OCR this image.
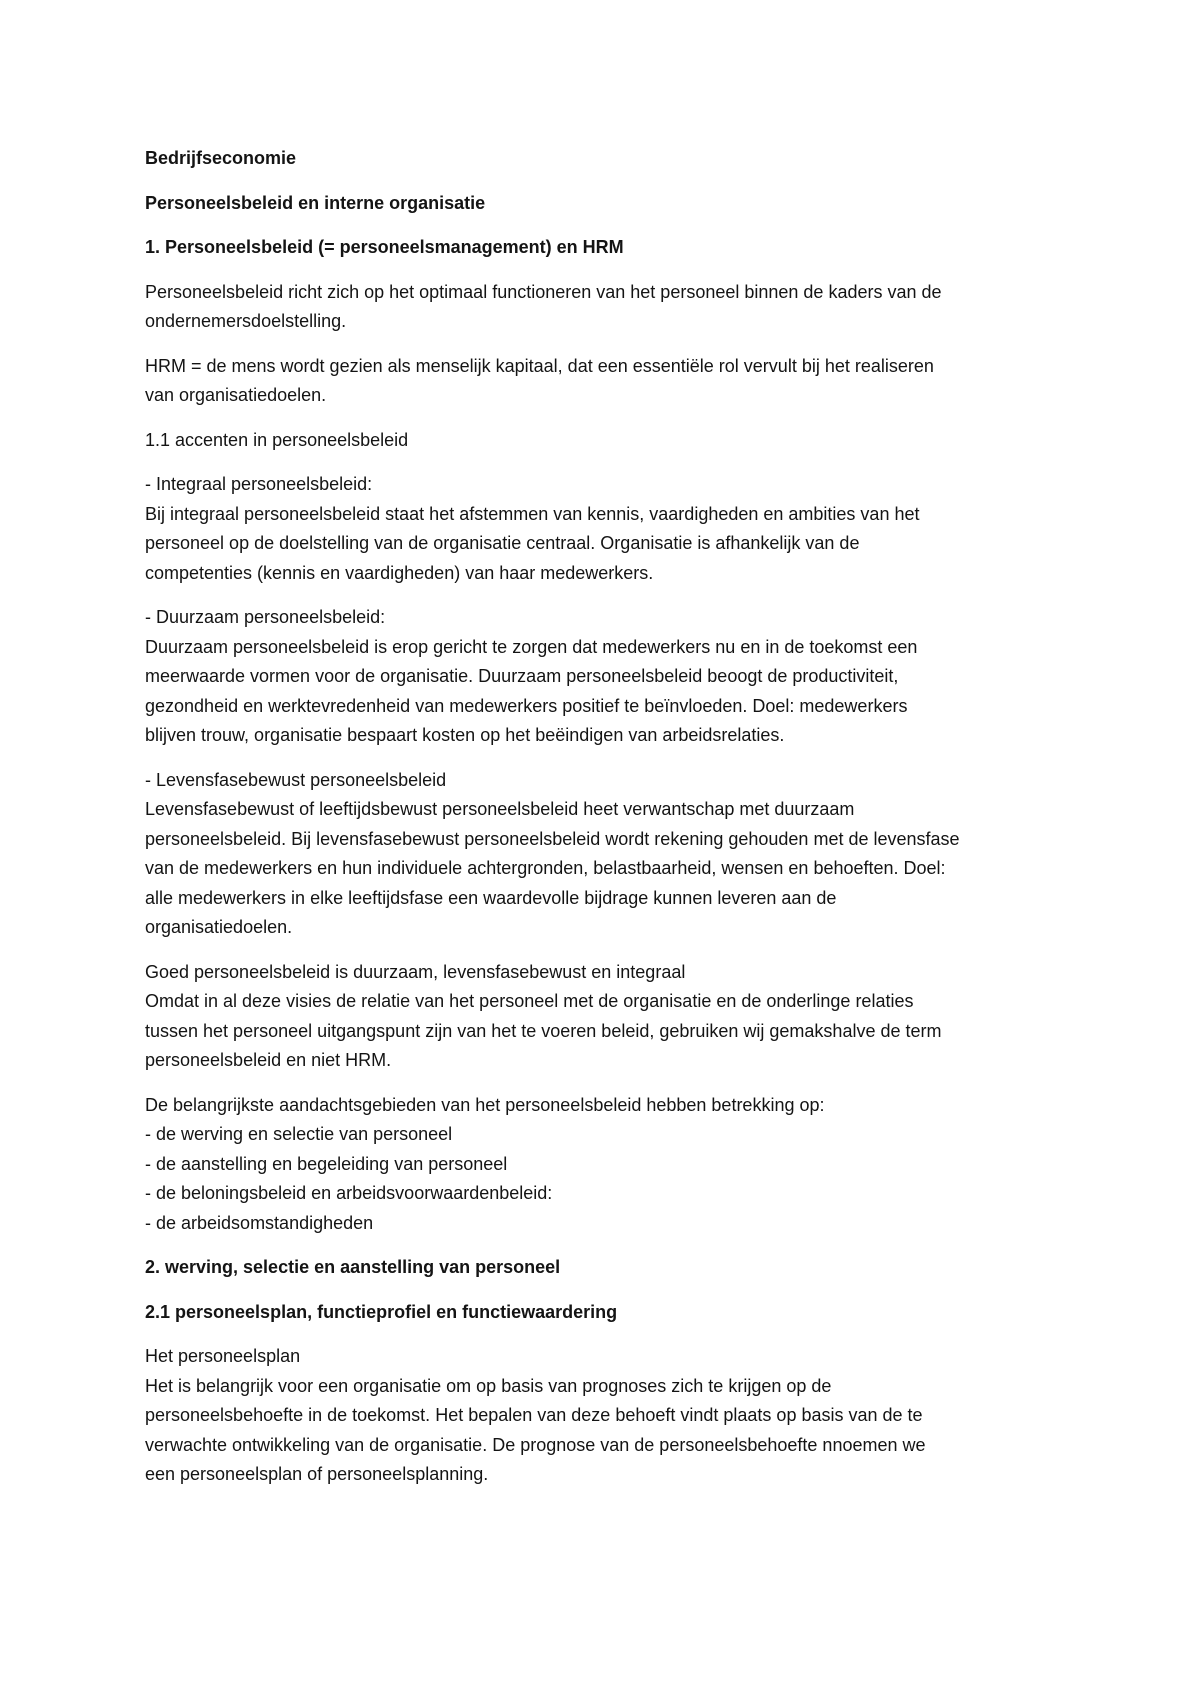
Bedrijfseconomie

Personeelsbeleid en interne organisatie

1. Personeelsbeleid (= personeelsmanagement) en HRM

Personeelsbeleid richt zich op het optimaal functioneren van het personeel binnen de kaders van de
ondernemersdoelstelling.

HRM = de mens wordt gezien als menselijk kapitaal, dat een essentiële rol vervult bij het realiseren
van organisatiedoelen.

1.1 accenten in personeelsbeleid

- Integraal personeelsbeleid:
Bij integraal personeelsbeleid staat het afstemmen van kennis, vaardigheden en ambities van het
personeel op de doelstelling van de organisatie centraal. Organisatie is afhankelijk van de
competenties (kennis en vaardigheden) van haar medewerkers.

- Duurzaam personeelsbeleid:
Duurzaam personeelsbeleid is erop gericht te zorgen dat medewerkers nu en in de toekomst een
meerwaarde vormen voor de organisatie. Duurzaam personeelsbeleid beoogt de productiviteit,
gezondheid en werktevredenheid van medewerkers positief te beïnvloeden. Doel: medewerkers
blijven trouw, organisatie bespaart kosten op het beëindigen van arbeidsrelaties.

- Levensfasebewust personeelsbeleid
Levensfasebewust of leeftijdsbewust personeelsbeleid heet verwantschap met duurzaam
personeelsbeleid. Bij levensfasebewust personeelsbeleid wordt rekening gehouden met de levensfase
van de medewerkers en hun individuele achtergronden, belastbaarheid, wensen en behoeften. Doel:
alle medewerkers in elke leeftijdsfase een waardevolle bijdrage kunnen leveren aan de
organisatiedoelen.

Goed personeelsbeleid is duurzaam, levensfasebewust en integraal
Omdat in al deze visies de relatie van het personeel met de organisatie en de onderlinge relaties
tussen het personeel uitgangspunt zijn van het te voeren beleid, gebruiken wij gemakshalve de term
personeelsbeleid en niet HRM.

De belangrijkste aandachtsgebieden van het personeelsbeleid hebben betrekking op:
- de werving en selectie van personeel
- de aanstelling en begeleiding van personeel
- de beloningsbeleid en arbeidsvoorwaardenbeleid:
- de arbeidsomstandigheden

2. werving, selectie en aanstelling van personeel

2.1 personeelsplan, functieprofiel en functiewaardering

Het personeelsplan
Het is belangrijk voor een organisatie om op basis van prognoses zich te krijgen op de
personeelsbehoefte in de toekomst. Het bepalen van deze behoeft vindt plaats op basis van de te
verwachte ontwikkeling van de organisatie. De prognose van de personeelsbehoefte nnoemen we
een personeelsplan of personeelsplanning.
